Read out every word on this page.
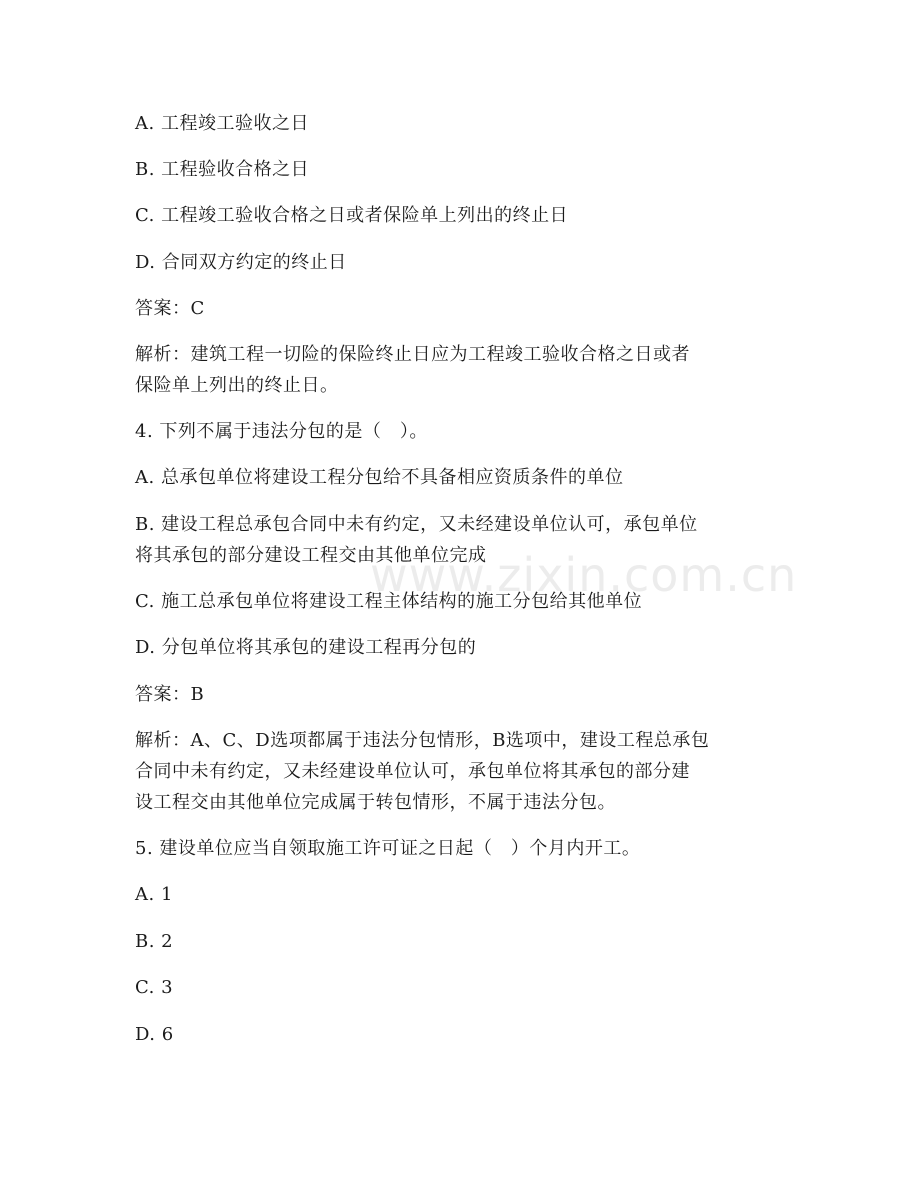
www.zixin.com.cn
A. 工程竣工验收之日
B. 工程验收合格之日
C. 工程竣工验收合格之日或者保险单上列出的终止日
D. 合同双方约定的终止日
答案：C
解析：建筑工程一切险的保险终止日应为工程竣工验收合格之日或者
保险单上列出的终止日。
4. 下列不属于违法分包的是（　）。
A. 总承包单位将建设工程分包给不具备相应资质条件的单位
B. 建设工程总承包合同中未有约定，又未经建设单位认可，承包单位
将其承包的部分建设工程交由其他单位完成
C. 施工总承包单位将建设工程主体结构的施工分包给其他单位
D. 分包单位将其承包的建设工程再分包的
答案：B
解析：A、C、D选项都属于违法分包情形，B选项中，建设工程总承包
合同中未有约定，又未经建设单位认可，承包单位将其承包的部分建
设工程交由其他单位完成属于转包情形，不属于违法分包。
5. 建设单位应当自领取施工许可证之日起（　）个月内开工。
A. 1
B. 2
C. 3
D. 6
